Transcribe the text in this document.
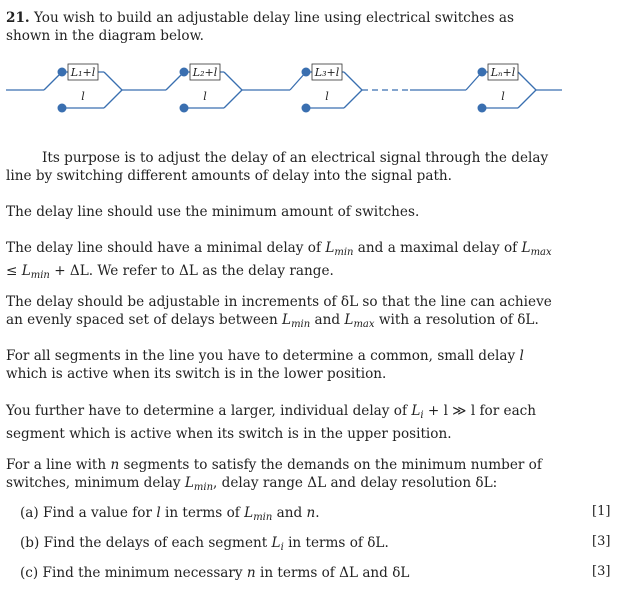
21. You wish to build an adjustable delay line using electrical switches as shown in the diagram below.
L₁+l	L₂+l	L₃+l	Lₙ+l
l	l	l	l
Its purpose is to adjust the delay of an electrical signal through the delay line by switching different amounts of delay into the signal path.
The delay line should use the minimum amount of switches.
The delay line should have a minimal delay of $L_{min}$ and a maximal delay of $L_{max} \le L_{min} + \Delta L$. We refer to ΔL as the delay range.
The delay should be adjustable in increments of δL so that the line can achieve an evenly spaced set of delays between $L_{min}$ and $L_{max}$ with a resolution of δL.
For all segments in the line you have to determine a common, small delay l which is active when its switch is in the lower position.
You further have to determine a larger, individual delay of $L_i + l$ ≫ l for each segment which is active when its switch is in the upper position.
For a line with n segments to satisfy the demands on the minimum number of switches, minimum delay $L_{min}$, delay range ΔL and delay resolution δL:
(a) Find a value for l in terms of $L_{min}$ and n.	[1]
(b) Find the delays of each segment $L_i$ in terms of δL.	[3]
(c) Find the minimum necessary n in terms of ΔL and δL	[3]
